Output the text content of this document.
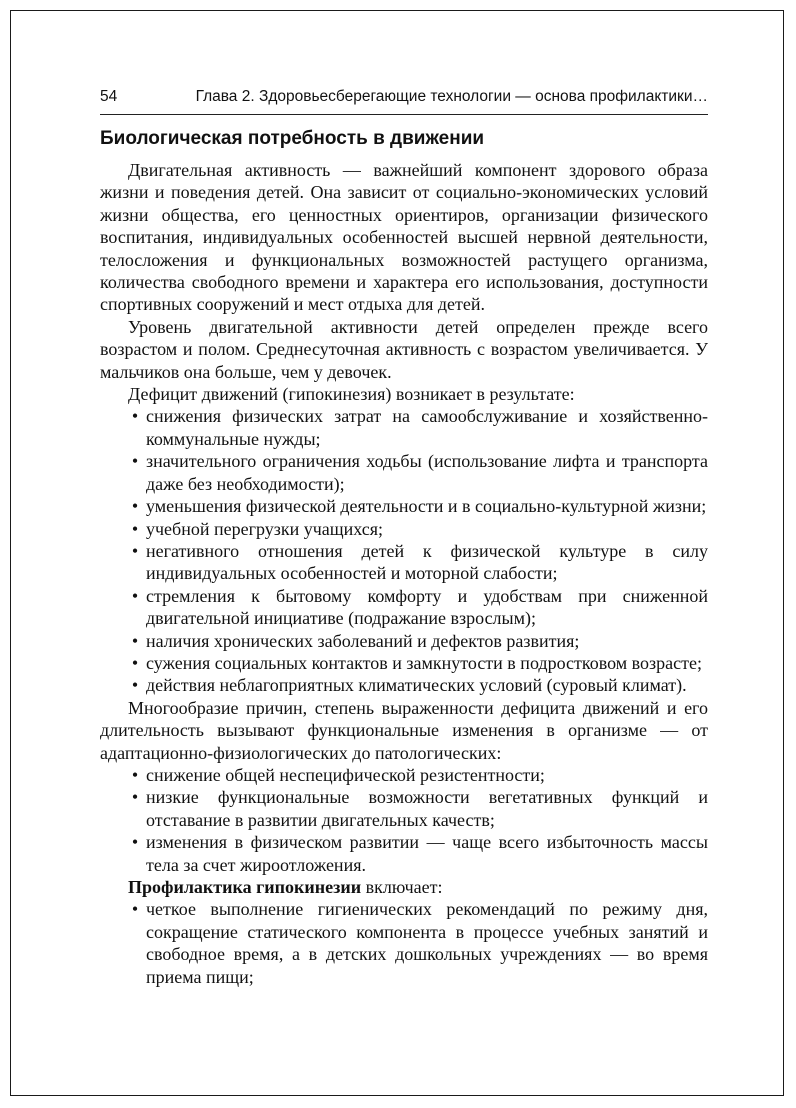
54	Глава 2. Здоровьесберегающие технологии — основа профилактики…
Биологическая потребность в движении

Двигательная активность — важнейший компонент здорового образа жизни и поведения детей. Она зависит от социально-экономических условий жизни общества, его ценностных ориентиров, организации физического воспитания, индивидуальных особенностей высшей нервной деятельности, телосложения и функциональных возможностей растущего организма, количества свободного времени и характера его использования, доступности спортивных сооружений и мест отдыха для детей.

Уровень двигательной активности детей определен прежде всего возрастом и полом. Среднесуточная активность с возрастом увеличивается. У мальчиков она больше, чем у девочек.

Дефицит движений (гипокинезия) возникает в результате:

• снижения физических затрат на самообслуживание и хозяйственно-коммунальные нужды;
• значительного ограничения ходьбы (использование лифта и транспорта даже без необходимости);
• уменьшения физической деятельности и в социально-культурной жизни;
• учебной перегрузки учащихся;
• негативного отношения детей к физической культуре в силу индивидуальных особенностей и моторной слабости;
• стремления к бытовому комфорту и удобствам при сниженной двигательной инициативе (подражание взрослым);
• наличия хронических заболеваний и дефектов развития;
• сужения социальных контактов и замкнутости в подростковом возрасте;
• действия неблагоприятных климатических условий (суровый климат).

Многообразие причин, степень выраженности дефицита движений и его длительность вызывают функциональные изменения в организме — от адаптационно-физиологических до патологических:

• снижение общей неспецифической резистентности;
• низкие функциональные возможности вегетативных функций и отставание в развитии двигательных качеств;
• изменения в физическом развитии — чаще всего избыточность массы тела за счет жироотложения.

Профилактика гипокинезии включает:

• четкое выполнение гигиенических рекомендаций по режиму дня, сокращение статического компонента в процессе учебных занятий и свободное время, а в детских дошкольных учреждениях — во время приема пищи;
